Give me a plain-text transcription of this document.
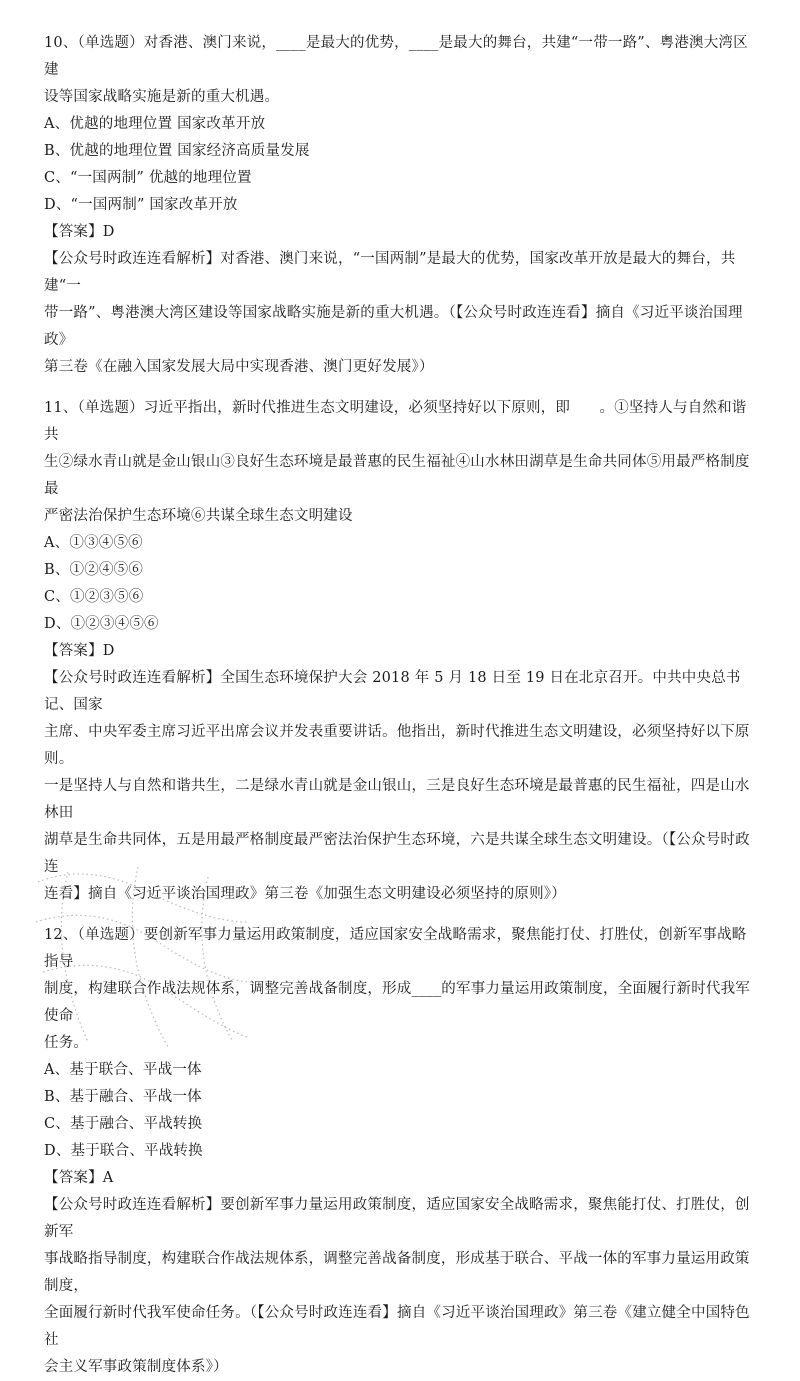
10、（单选题）对香港、澳门来说，____是最大的优势，____是最大的舞台，共建“一带一路”、粤港澳大湾区建
设等国家战略实施是新的重大机遇。
A、优越的地理位置 国家改革开放
B、优越的地理位置 国家经济高质量发展
C、“一国两制” 优越的地理位置
D、“一国两制” 国家改革开放
【答案】D
【公众号时政连连看解析】对香港、澳门来说，“一国两制”是最大的优势，国家改革开放是最大的舞台，共建“一
带一路”、粤港澳大湾区建设等国家战略实施是新的重大机遇。（【公众号时政连连看】摘自《习近平谈治国理政》
第三卷《在融入国家发展大局中实现香港、澳门更好发展》）
11、（单选题）习近平指出，新时代推进生态文明建设，必须坚持好以下原则，即　　。①坚持人与自然和谐共
生②绿水青山就是金山银山③良好生态环境是最普惠的民生福祉④山水林田湖草是生命共同体⑤用最严格制度最
严密法治保护生态环境⑥共谋全球生态文明建设
A、①③④⑤⑥
B、①②④⑤⑥
C、①②③⑤⑥
D、①②③④⑤⑥
【答案】D
【公众号时政连连看解析】全国生态环境保护大会 2018 年 5 月 18 日至 19 日在北京召开。中共中央总书记、国家
主席、中央军委主席习近平出席会议并发表重要讲话。他指出，新时代推进生态文明建设，必须坚持好以下原则。
一是坚持人与自然和谐共生，二是绿水青山就是金山银山，三是良好生态环境是最普惠的民生福祉，四是山水林田
湖草是生命共同体，五是用最严格制度最严密法治保护生态环境，六是共谋全球生态文明建设。（【公众号时政连
连看】摘自《习近平谈治国理政》第三卷《加强生态文明建设必须坚持的原则》）
12、（单选题）要创新军事力量运用政策制度，适应国家安全战略需求，聚焦能打仗、打胜仗，创新军事战略指导
制度，构建联合作战法规体系，调整完善战备制度，形成____的军事力量运用政策制度，全面履行新时代我军使命
任务。
A、基于联合、平战一体
B、基于融合、平战一体
C、基于融合、平战转换
D、基于联合、平战转换
【答案】A
【公众号时政连连看解析】要创新军事力量运用政策制度，适应国家安全战略需求，聚焦能打仗、打胜仗，创新军
事战略指导制度，构建联合作战法规体系，调整完善战备制度，形成基于联合、平战一体的军事力量运用政策制度，
全面履行新时代我军使命任务。（【公众号时政连连看】摘自《习近平谈治国理政》第三卷《建立健全中国特色社
会主义军事政策制度体系》）
